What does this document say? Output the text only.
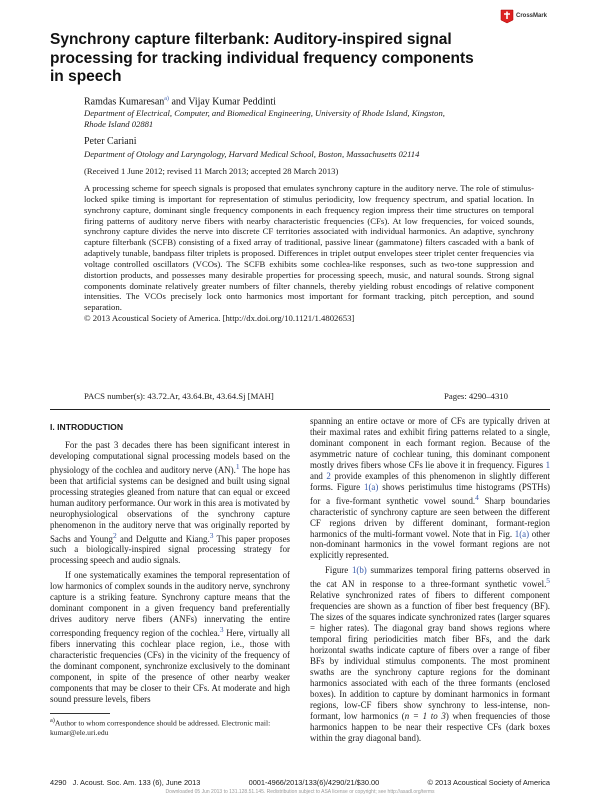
CrossMark
Synchrony capture filterbank: Auditory-inspired signal processing for tracking individual frequency components in speech
Ramdas Kumaresan$^{a)}$ and Vijay Kumar Peddinti
Department of Electrical, Computer, and Biomedical Engineering, University of Rhode Island, Kingston, Rhode Island 02881
Peter Cariani
Department of Otology and Laryngology, Harvard Medical School, Boston, Massachusetts 02114
(Received 1 June 2012; revised 11 March 2013; accepted 28 March 2013)
A processing scheme for speech signals is proposed that emulates synchrony capture in the auditory nerve. The role of stimulus-locked spike timing is important for representation of stimulus periodicity, low frequency spectrum, and spatial location. In synchrony capture, dominant single frequency components in each frequency region impress their time structures on temporal firing patterns of auditory nerve fibers with nearby characteristic frequencies (CFs). At low frequencies, for voiced sounds, synchrony capture divides the nerve into discrete CF territories associated with individual harmonics. An adaptive, synchrony capture filterbank (SCFB) consisting of a fixed array of traditional, passive linear (gammatone) filters cascaded with a bank of adaptively tunable, bandpass filter triplets is proposed. Differences in triplet output envelopes steer triplet center frequencies via voltage controlled oscillators (VCOs). The SCFB exhibits some cochlea-like responses, such as two-tone suppression and distortion products, and possesses many desirable properties for processing speech, music, and natural sounds. Strong signal components dominate relatively greater numbers of filter channels, thereby yielding robust encodings of relative component intensities. The VCOs precisely lock onto harmonics most important for formant tracking, pitch perception, and sound separation.
© 2013 Acoustical Society of America. [http://dx.doi.org/10.1121/1.4802653]
PACS number(s): 43.72.Ar, 43.64.Bt, 43.64.Sj [MAH]	Pages: 4290–4310
I. INTRODUCTION

For the past 3 decades there has been significant interest in developing computational signal processing models based on the physiology of the cochlea and auditory nerve (AN).$^1$ The hope has been that artificial systems can be designed and built using signal processing strategies gleaned from nature that can equal or exceed human auditory performance. Our work in this area is motivated by neurophysiological observations of the synchrony capture phenomenon in the auditory nerve that was originally reported by Sachs and Young$^2$ and Delgutte and Kiang.$^3$ This paper proposes such a biologically-inspired signal processing strategy for processing speech and audio signals.

If one systematically examines the temporal representation of low harmonics of complex sounds in the auditory nerve, synchrony capture is a striking feature. Synchrony capture means that the dominant component in a given frequency band preferentially drives auditory nerve fibers (ANFs) innervating the entire corresponding frequency region of the cochlea.$^3$ Here, virtually all fibers innervating this cochlear place region, i.e., those with characteristic frequencies (CFs) in the vicinity of the frequency of the dominant component, synchronize exclusively to the dominant component, in spite of the presence of other nearby weaker components that may be closer to their CFs. At moderate and high sound pressure levels, fibers

spanning an entire octave or more of CFs are typically driven at their maximal rates and exhibit firing patterns related to a single, dominant component in each formant region. Because of the asymmetric nature of cochlear tuning, this dominant component mostly drives fibers whose CFs lie above it in frequency. Figures 1 and 2 provide examples of this phenomenon in slightly different forms. Figure 1(a) shows peristimulus time histograms (PSTHs) for a five-formant synthetic vowel sound.$^4$ Sharp boundaries characteristic of synchrony capture are seen between the different CF regions driven by different dominant, formant-region harmonics of the multi-formant vowel. Note that in Fig. 1(a) other non-dominant harmonics in the vowel formant regions are not explicitly represented.

Figure 1(b) summarizes temporal firing patterns observed in the cat AN in response to a three-formant synthetic vowel.$^5$ Relative synchronized rates of fibers to different component frequencies are shown as a function of fiber best frequency (BF). The sizes of the squares indicate synchronized rates (larger squares = higher rates). The diagonal gray band shows regions where temporal firing periodicities match fiber BFs, and the dark horizontal swaths indicate capture of fibers over a range of fiber BFs by individual stimulus components. The most prominent swaths are the synchrony capture regions for the dominant harmonics associated with each of the three formants (enclosed boxes). In addition to capture by dominant harmonics in formant regions, low-CF fibers show synchrony to less-intense, non-formant, low harmonics (n = 1 to 3) when frequencies of those harmonics happen to be near their respective CFs (dark boxes within the gray diagonal band).

$^{a)}$Author to whom correspondence should be addressed. Electronic mail: kumar@ele.uri.edu
4290 J. Acoust. Soc. Am. 133 (6), June 2013	0001-4966/2013/133(6)/4290/21/$30.00	© 2013 Acoustical Society of America
Downloaded 05 Jun 2013 to 131.128.51.145. Redistribution subject to ASA license or copyright; see http://asadl.org/terms
